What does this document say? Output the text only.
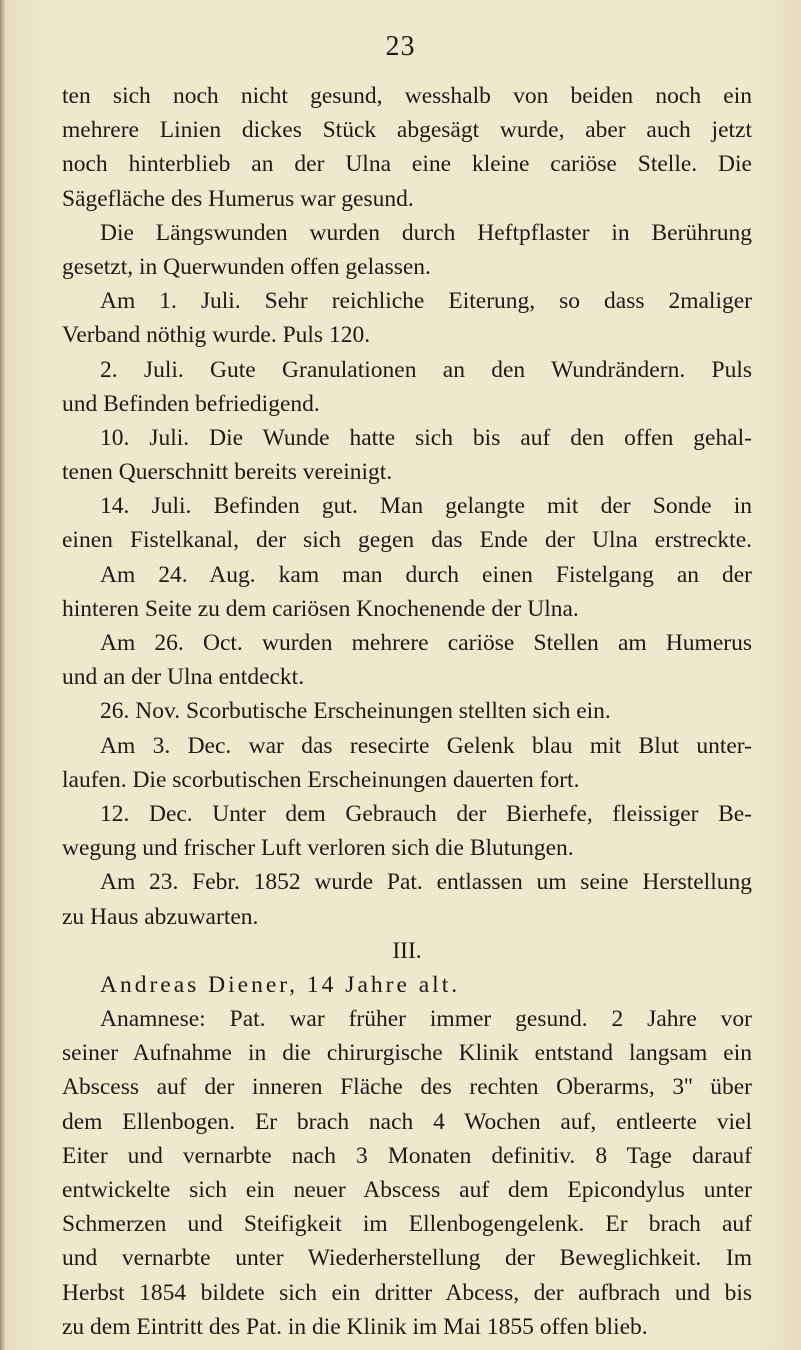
23
ten sich noch nicht gesund, wesshalb von beiden noch ein
mehrere Linien dickes Stück abgesägt wurde, aber auch jetzt
noch hinterblieb an der Ulna eine kleine cariöse Stelle. Die
Sägefläche des Humerus war gesund.
Die Längswunden wurden durch Heftpflaster in Berührung
gesetzt, in Querwunden offen gelassen.
Am 1. Juli. Sehr reichliche Eiterung, so dass 2maliger
Verband nöthig wurde. Puls 120.
2. Juli. Gute Granulationen an den Wundrändern. Puls
und Befinden befriedigend.
10. Juli. Die Wunde hatte sich bis auf den offen gehal-
tenen Querschnitt bereits vereinigt.
14. Juli. Befinden gut. Man gelangte mit der Sonde in
einen Fistelkanal, der sich gegen das Ende der Ulna erstreckte.
Am 24. Aug. kam man durch einen Fistelgang an der
hinteren Seite zu dem cariösen Knochenende der Ulna.
Am 26. Oct. wurden mehrere cariöse Stellen am Humerus
und an der Ulna entdeckt.
26. Nov. Scorbutische Erscheinungen stellten sich ein.
Am 3. Dec. war das resecirte Gelenk blau mit Blut unter-
laufen. Die scorbutischen Erscheinungen dauerten fort.
12. Dec. Unter dem Gebrauch der Bierhefe, fleissiger Be-
wegung und frischer Luft verloren sich die Blutungen.
Am 23. Febr. 1852 wurde Pat. entlassen um seine Herstellung
zu Haus abzuwarten.
III.
Andreas Diener, 14 Jahre alt.
Anamnese: Pat. war früher immer gesund. 2 Jahre vor
seiner Aufnahme in die chirurgische Klinik entstand langsam ein
Abscess auf der inneren Fläche des rechten Oberarms, 3'' über
dem Ellenbogen. Er brach nach 4 Wochen auf, entleerte viel
Eiter und vernarbte nach 3 Monaten definitiv. 8 Tage darauf
entwickelte sich ein neuer Abscess auf dem Epicondylus unter
Schmerzen und Steifigkeit im Ellenbogengelenk. Er brach auf
und vernarbte unter Wiederherstellung der Beweglichkeit. Im
Herbst 1854 bildete sich ein dritter Abcess, der aufbrach und bis
zu dem Eintritt des Pat. in die Klinik im Mai 1855 offen blieb.
